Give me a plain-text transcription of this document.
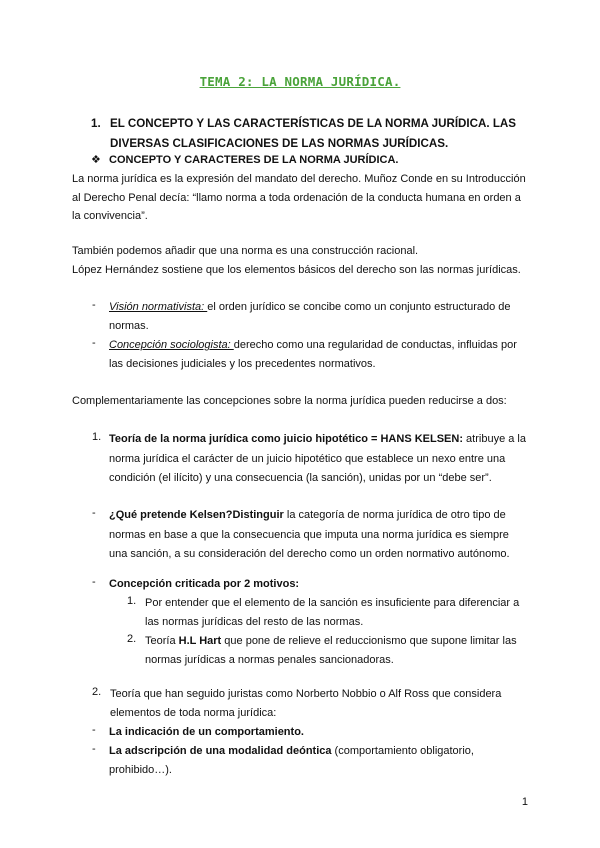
TEMA 2: LA NORMA JURÍDICA.
1. EL CONCEPTO Y LAS CARACTERÍSTICAS DE LA NORMA JURÍDICA. LAS DIVERSAS CLASIFICACIONES DE LAS NORMAS JURÍDICAS.
❖ CONCEPTO Y CARACTERES DE LA NORMA JURÍDICA.
La norma jurídica es la expresión del mandato del derecho. Muñoz Conde en su Introducción al Derecho Penal decía: “llamo norma a toda ordenación de la conducta humana en orden a la convivencia”.
También podemos añadir que una norma es una construcción racional.
López Hernández sostiene que los elementos básicos del derecho son las normas jurídicas.
-	Visión normativista: el orden jurídico se concibe como un conjunto estructurado de normas.
-	Concepción sociologista: derecho como una regularidad de conductas, influidas por las decisiones judiciales y los precedentes normativos.
Complementariamente las concepciones sobre la norma jurídica pueden reducirse a dos:
1. Teoría de la norma jurídica como juicio hipotético = HANS KELSEN: atribuye a la norma jurídica el carácter de un juicio hipotético que establece un nexo entre una condición (el ilícito) y una consecuencia (la sanción), unidas por un “debe ser”.
-	¿Qué pretende Kelsen?Distinguir la categoría de norma jurídica de otro tipo de normas en base a que la consecuencia que imputa una norma jurídica es siempre una sanción, a su consideración del derecho como un orden normativo autónomo.
-	Concepción criticada por 2 motivos:
1. Por entender que el elemento de la sanción es insuficiente para diferenciar a las normas jurídicas del resto de las normas.
2. Teoría H.L Hart que pone de relieve el reduccionismo que supone limitar las normas jurídicas a normas penales sancionadoras.
2. Teoría que han seguido juristas como Norberto Nobbio o Alf Ross que considera elementos de toda norma jurídica:
-	La indicación de un comportamiento.
-	La adscripción de una modalidad deóntica (comportamiento obligatorio, prohibido…).
1
